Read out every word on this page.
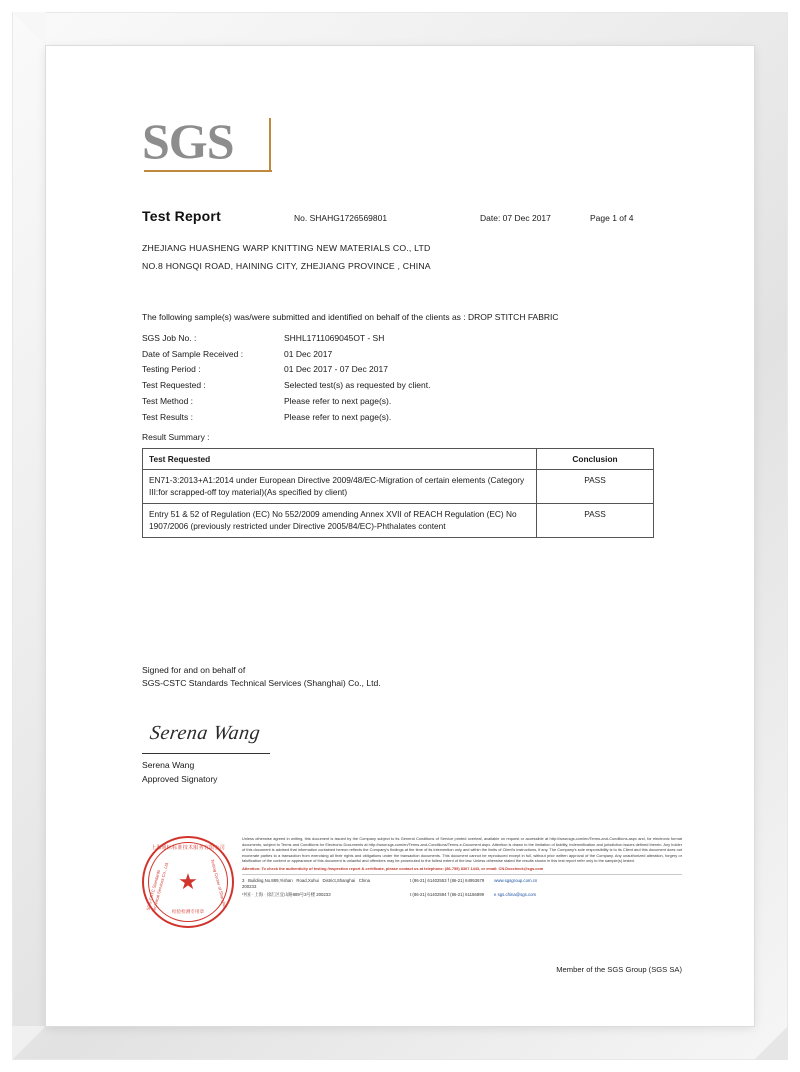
SGS
Test Report	No. SHAHG1726569801	Date: 07 Dec 2017	Page 1 of 4
ZHEJIANG HUASHENG WARP KNITTING NEW MATERIALS CO., LTD
NO.8 HONGQI ROAD, HAINING CITY, ZHEJIANG PROVINCE , CHINA
The following sample(s) was/were submitted and identified on behalf of the clients as : DROP STITCH FABRIC
SGS Job No. :	SHHL1711069045OT - SH
Date of Sample Received :	01 Dec 2017
Testing Period :	01 Dec 2017 - 07 Dec 2017
Test Requested :	Selected test(s) as requested by client.
Test Method :	Please refer to next page(s).
Test Results :	Please refer to next page(s).
Result Summary :
Test Requested	Conclusion
EN71-3:2013+A1:2014 under European Directive 2009/48/EC-Migration of certain elements (Category III:for scrapped-off toy material)(As specified by client)	PASS
Entry 51 & 52 of Regulation (EC) No 552/2009 amending Annex XVII of REACH Regulation (EC) No 1907/2006 (previously restricted under Directive 2005/84/EC)-Phthalates content	PASS
Signed for and on behalf of
SGS-CSTC Standards Technical Services (Shanghai) Co., Ltd.
Serena Wang
Serena Wang
Approved Signatory
上海通标标准技术服务有限公司
★
检验检测专用章
SGS-CSTC Standards Technical Services Co., Ltd.	Testing Center of Shanghai

Unless otherwise agreed in writing, this document is issued by the Company subject to its General Conditions of Service printed overleaf, available on request or accessible at http://www.sgs.com/en/Terms-and-Conditions.aspx and, for electronic format documents, subject to Terms and Conditions for Electronic Documents at http://www.sgs.com/en/Terms-and-Conditions/Terms-e-Document.aspx. Attention is drawn to the limitation of liability, indemnification and jurisdiction issues defined therein. Any holder of this document is advised that information contained hereon reflects the Company's findings at the time of its intervention only and within the limits of Client's instructions, if any. The Company's sole responsibility is to its Client and this document does not exonerate parties to a transaction from exercising all their rights and obligations under the transaction documents. This document cannot be reproduced except in full, without prior written approval of the Company. Any unauthorized alteration, forgery or falsification of the content or appearance of this document is unlawful and offenders may be prosecuted to the fullest extent of the law. Unless otherwise stated the results shown in this test report refer only to the sample(s) tested.

Attention: To check the authenticity of testing /inspection report & certificate, please contact us at telephone: (86-755) 8307 1443, or email: CN.Doccheck@sgs.com

3 Building,No.889,Yishan Road,Xuhui District,Shanghai China 200233
t (86-21) 61402553 f (86-21) 64953679 www.sgsgroup.com.cn
中国 · 上海 · 徐汇区宜山路889号3号楼 200233	t (86-21) 61402594 f (86-21) 61156899 e sgs.china@sgs.com
Member of the SGS Group (SGS SA)
